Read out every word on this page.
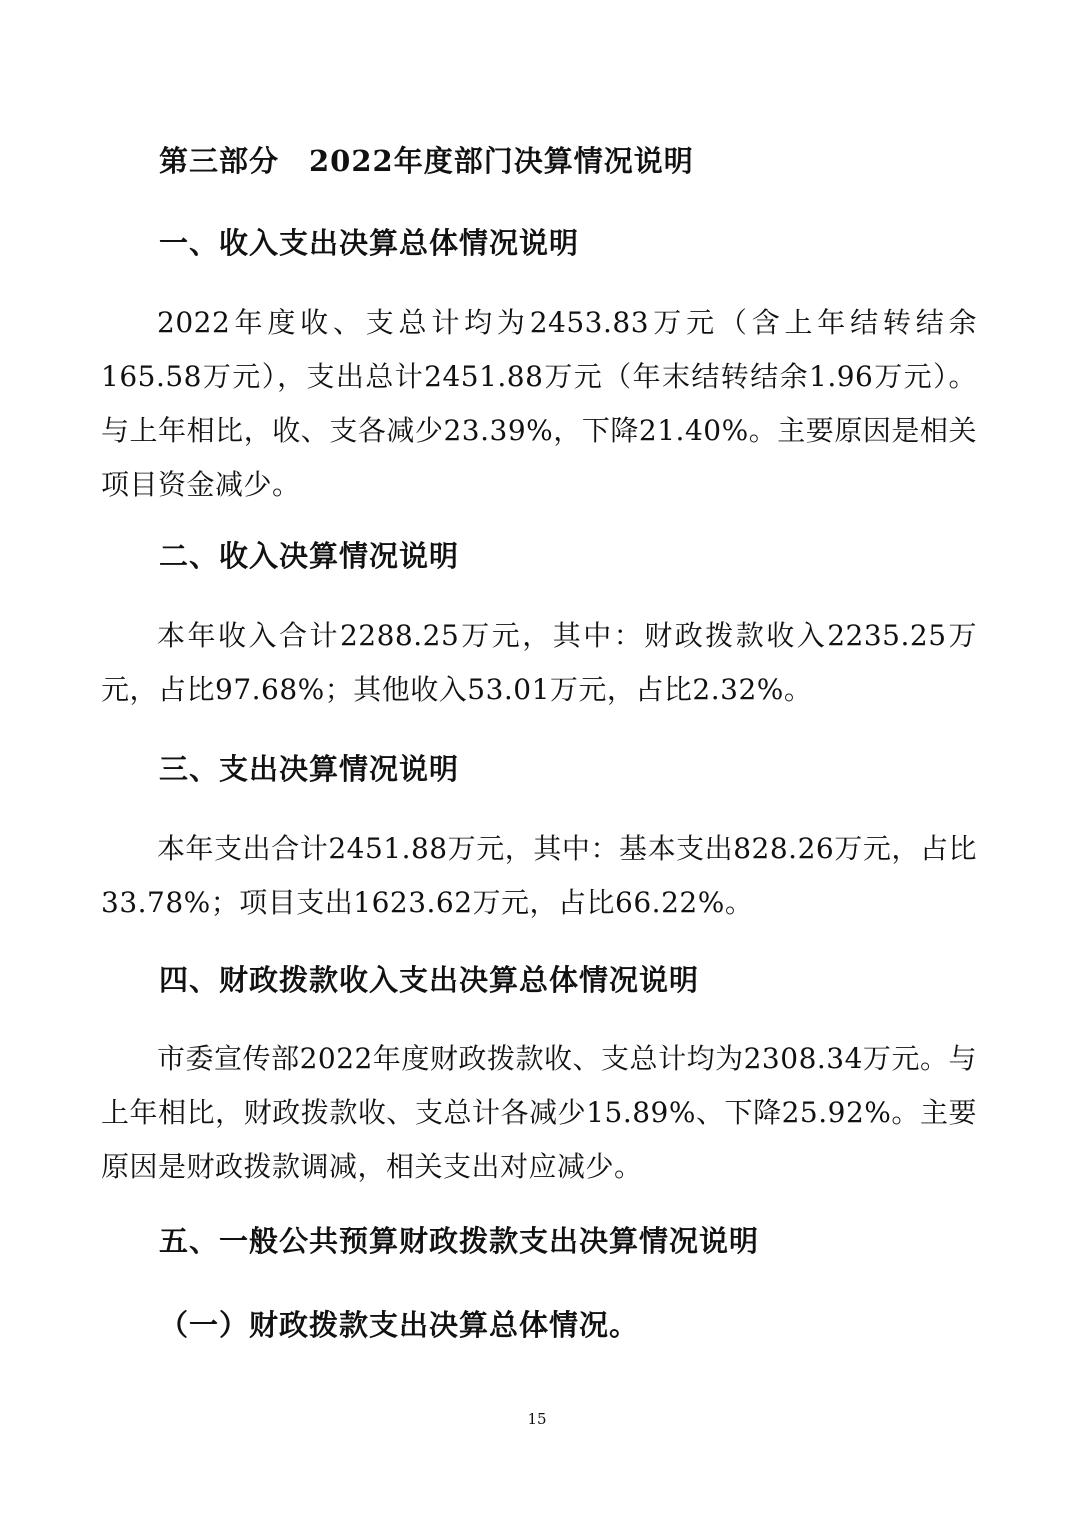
第三部分　2022年度部门决算情况说明
一、收入支出决算总体情况说明
2022年度收、支总计均为2453.83万元（含上年结转结余165.58万元），支出总计2451.88万元（年末结转结余1.96万元）。与上年相比，收、支各减少23.39%，下降21.40%。主要原因是相关项目资金减少。
二、收入决算情况说明
本年收入合计2288.25万元，其中：财政拨款收入2235.25万元，占比97.68%；其他收入53.01万元，占比2.32%。
三、支出决算情况说明
本年支出合计2451.88万元，其中：基本支出828.26万元，占比33.78%；项目支出1623.62万元，占比66.22%。
四、财政拨款收入支出决算总体情况说明
市委宣传部2022年度财政拨款收、支总计均为2308.34万元。与上年相比，财政拨款收、支总计各减少15.89%、下降25.92%。主要原因是财政拨款调减，相关支出对应减少。
五、一般公共预算财政拨款支出决算情况说明
（一）财政拨款支出决算总体情况。
15
